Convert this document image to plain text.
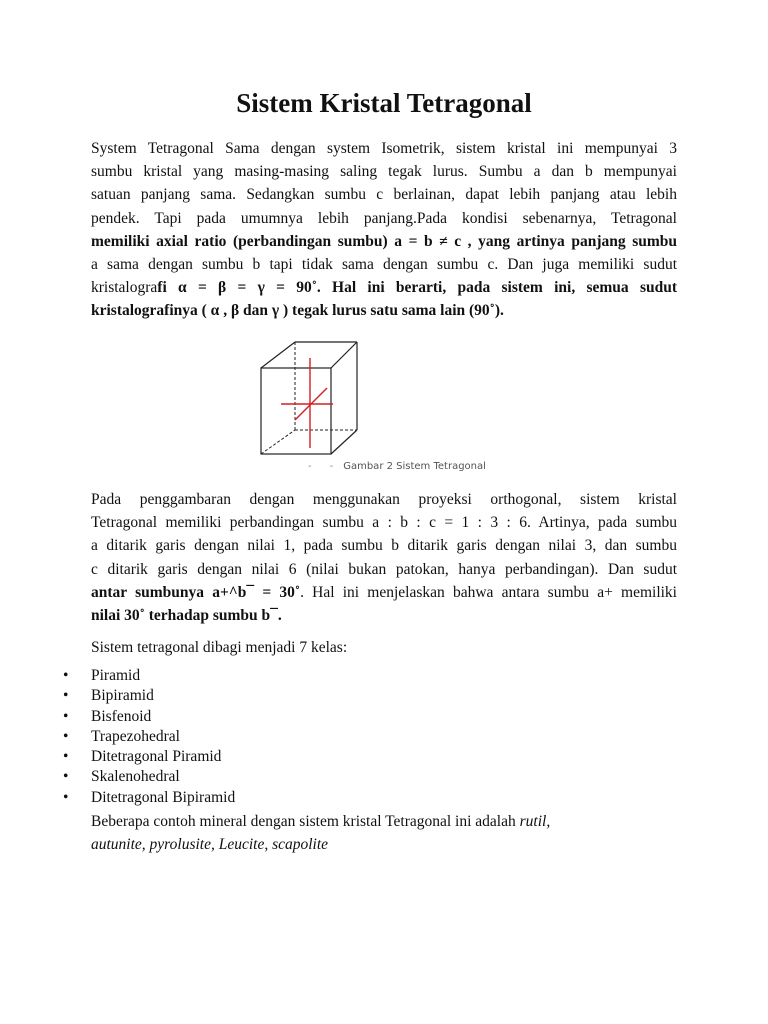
Sistem Kristal Tetragonal
System Tetragonal Sama dengan system Isometrik, sistem kristal ini mempunyai 3
sumbu kristal yang masing-masing saling tegak lurus. Sumbu a dan b mempunyai
satuan panjang sama. Sedangkan sumbu c berlainan, dapat lebih panjang atau lebih
pendek. Tapi pada umumnya lebih panjang.Pada kondisi sebenarnya, Tetragonal
memiliki axial ratio (perbandingan sumbu) a = b ≠ c , yang artinya panjang sumbu
a sama dengan sumbu b tapi tidak sama dengan sumbu c. Dan juga memiliki sudut
kristalografi α = β = γ = 90˚. Hal ini berarti, pada sistem ini, semua sudut
kristalografinya ( α , β dan γ ) tegak lurus satu sama lain (90˚).
- - Gambar 2 Sistem Tetragonal
Pada penggambaran dengan menggunakan proyeksi orthogonal, sistem kristal
Tetragonal memiliki perbandingan sumbu a : b : c = 1 : 3 : 6. Artinya, pada sumbu
a ditarik garis dengan nilai 1, pada sumbu b ditarik garis dengan nilai 3, dan sumbu
c ditarik garis dengan nilai 6 (nilai bukan patokan, hanya perbandingan). Dan sudut
antar sumbunya a+^b¯ = 30˚. Hal ini menjelaskan bahwa antara sumbu a+ memiliki
nilai 30˚ terhadap sumbu b¯.

Sistem tetragonal dibagi menjadi 7 kelas:

• Piramid
• Bipiramid
• Bisfenoid
• Trapezohedral
• Ditetragonal Piramid
• Skalenohedral
• Ditetragonal Bipiramid

Beberapa contoh mineral dengan sistem kristal Tetragonal ini adalah rutil,
autunite, pyrolusite, Leucite, scapolite
